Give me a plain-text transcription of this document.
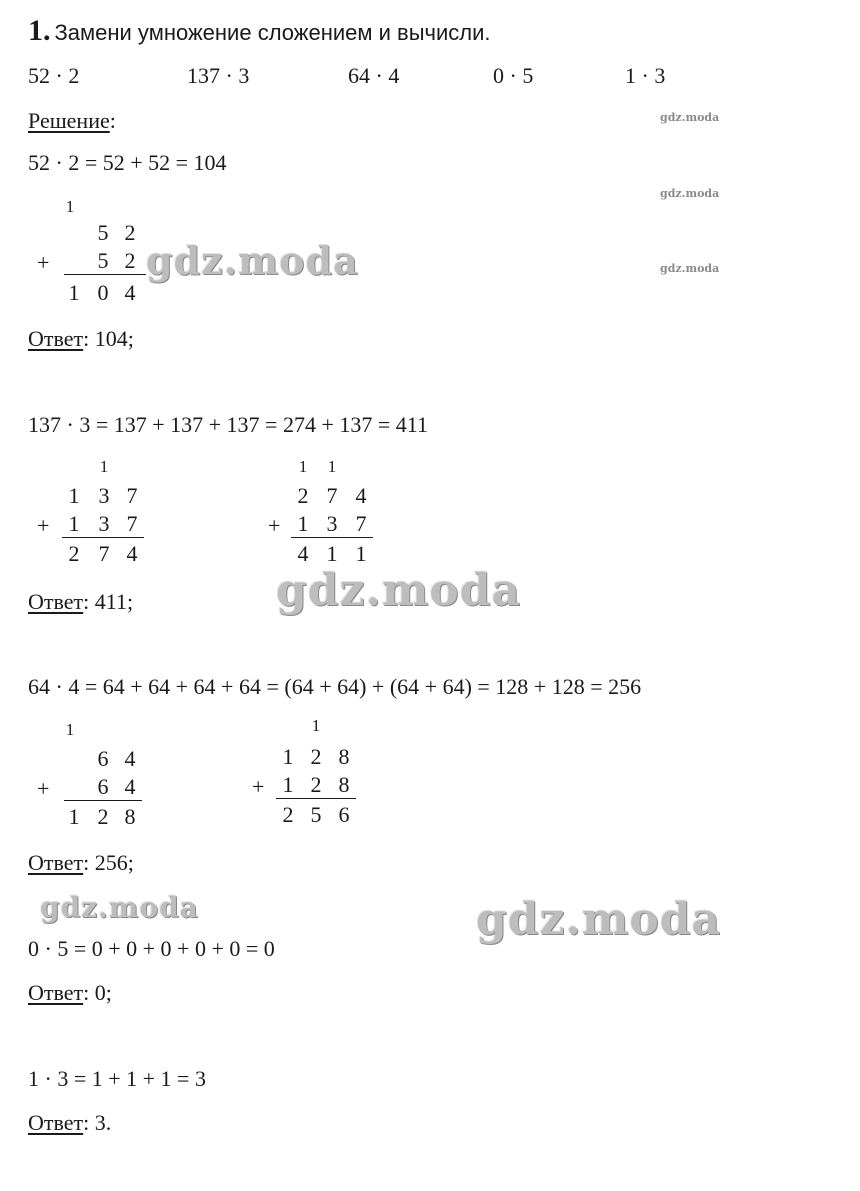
1. Замени умножение сложением и вычисли.
52 · 2	137 · 3	64 · 4	0 · 5	1 · 3
Решение:
52 · 2 = 52 + 52 = 104
1
5 2
+ 5 2
1 0 4
Ответ: 104;
137 · 3 = 137 + 137 + 137 = 274 + 137 = 411
1
1 3 7
+ 1 3 7
2 7 4
1	1
2 7 4
+ 1 3 7
4 1 1
Ответ: 411;
64 · 4 = 64 + 64 + 64 + 64 = (64 + 64) + (64 + 64) = 128 + 128 = 256
1
6 4
+ 6 4
1 2 8
1
1 2 8
+ 1 2 8
2 5 6
Ответ: 256;
0 · 5 = 0 + 0 + 0 + 0 + 0 = 0
Ответ: 0;
1 · 3 = 1 + 1 + 1 = 3
Ответ: 3.
gdz.moda
gdz.moda
gdz.moda
gdz.moda
gdz.moda
gdz.moda	gdz.moda
